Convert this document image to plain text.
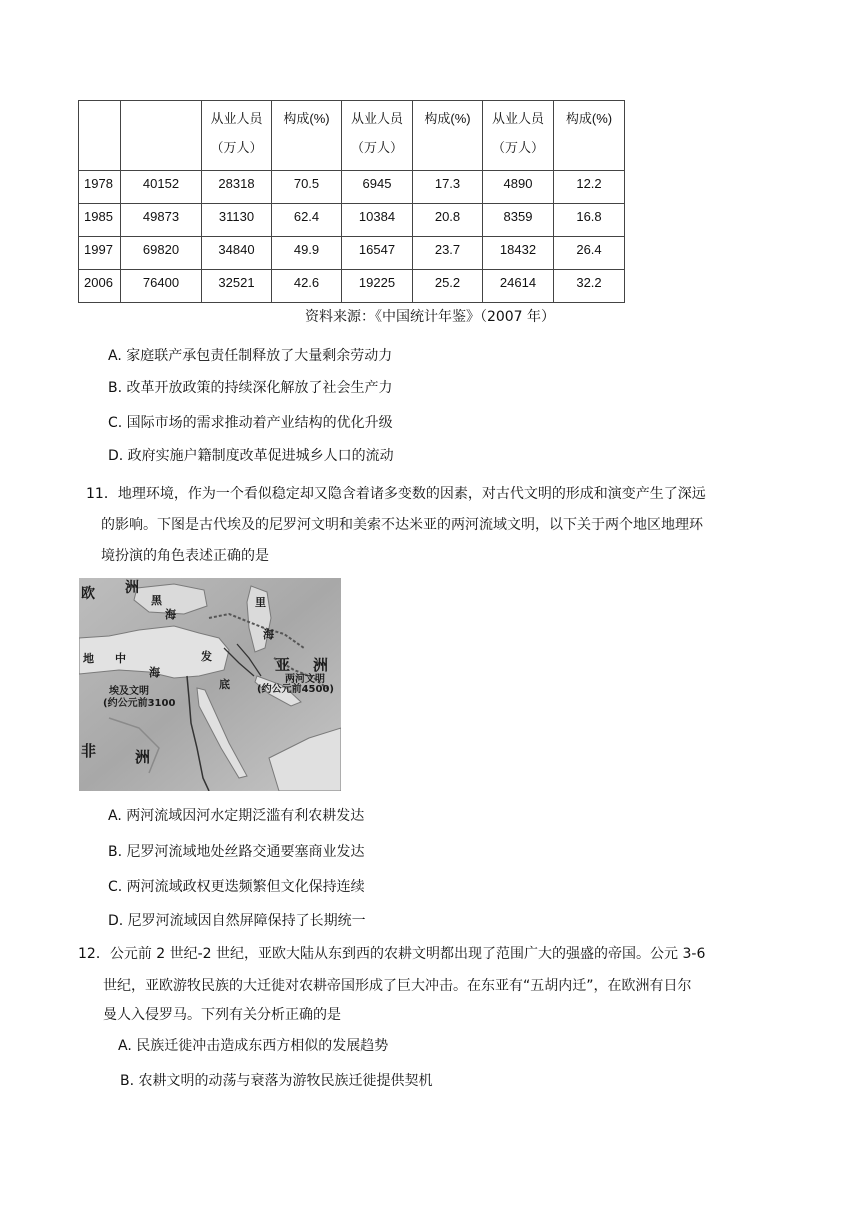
		从业人员（万人）	构成(%)	从业人员（万人）	构成(%)	从业人员（万人）	构成(%)
1978	40152	28318	70.5	6945	17.3	4890	12.2
1985	49873	31130	62.4	10384	20.8	8359	16.8
1997	69820	34840	49.9	16547	23.7	18432	26.4
2006	76400	32521	42.6	19225	25.2	24614	32.2
资料来源：《中国统计年鉴》（2007 年）
A. 家庭联产承包责任制释放了大量剩余劳动力
B. 改革开放政策的持续深化解放了社会生产力
C. 国际市场的需求推动着产业结构的优化升级
D. 政府实施户籍制度改革促进城乡人口的流动
11．地理环境，作为一个看似稳定却又隐含着诸多变数的因素，对古代文明的形成和演变产生了深远
的影响。下图是古代埃及的尼罗河文明和美索不达米亚的两河流域文明，以下关于两个地区地理环
境扮演的角色表述正确的是
欧 洲
黑
海
里
海
地 中
海	亚 洲
非	洲
发
底
埃及文明
(约公元前3100
两河文明
(约公元前4500)
A. 两河流域因河水定期泛滥有利农耕发达
B. 尼罗河流域地处丝路交通要塞商业发达
C. 两河流域政权更迭频繁但文化保持连续
D. 尼罗河流域因自然屏障保持了长期统一
12．公元前 2 世纪-2 世纪，亚欧大陆从东到西的农耕文明都出现了范围广大的强盛的帝国。公元 3-6
世纪，亚欧游牧民族的大迁徙对农耕帝国形成了巨大冲击。在东亚有“五胡内迁”，在欧洲有日尔
曼人入侵罗马。下列有关分析正确的是
A. 民族迁徙冲击造成东西方相似的发展趋势
B. 农耕文明的动荡与衰落为游牧民族迁徙提供契机
